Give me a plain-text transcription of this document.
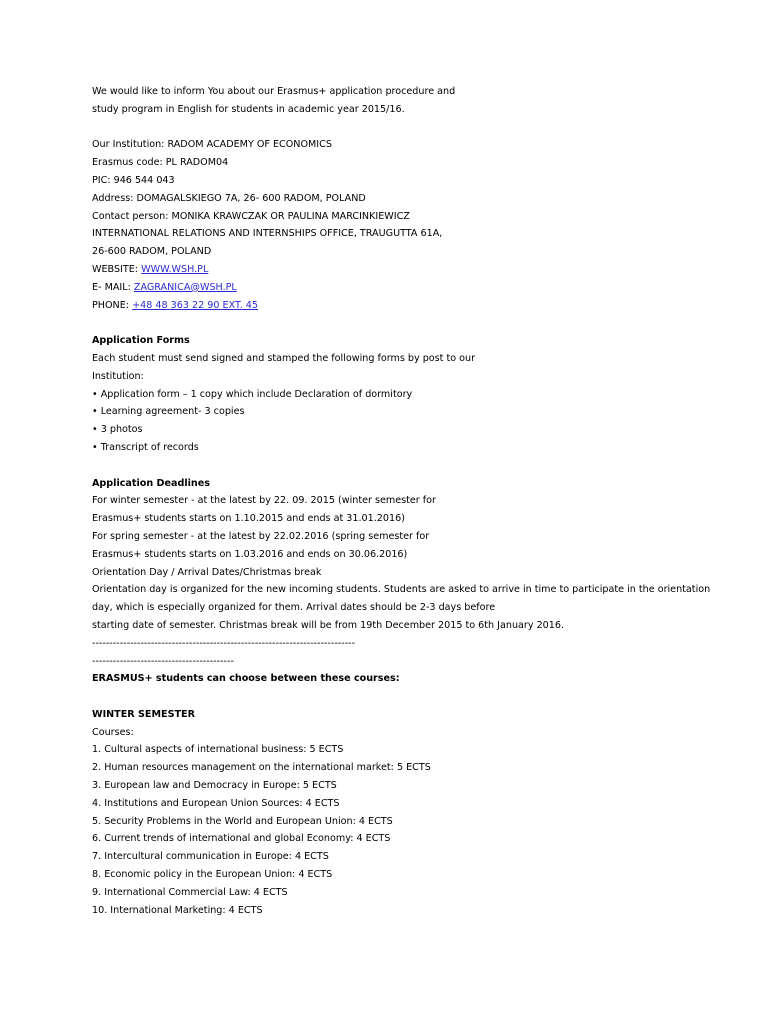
We would like to inform You about our Erasmus+ application procedure and
study program in English for students in academic year 2015/16.
Our Institution: RADOM ACADEMY OF ECONOMICS
Erasmus code: PL RADOM04
PIC: 946 544 043
Address: DOMAGALSKIEGO 7A, 26- 600 RADOM, POLAND
Contact person: MONIKA KRAWCZAK OR PAULINA MARCINKIEWICZ
INTERNATIONAL RELATIONS AND INTERNSHIPS OFFICE, TRAUGUTTA 61A,
26-600 RADOM, POLAND
WEBSITE: WWW.WSH.PL
E- MAIL: ZAGRANICA@WSH.PL
PHONE: +48 48 363 22 90 EXT. 45
Application Forms
Each student must send signed and stamped the following forms by post to our
Institution:
• Application form – 1 copy which include Declaration of dormitory
• Learning agreement- 3 copies
• 3 photos
• Transcript of records
Application Deadlines
For winter semester - at the latest by 22. 09. 2015 (winter semester for
Erasmus+ students starts on 1.10.2015 and ends at 31.01.2016)
For spring semester - at the latest by 22.02.2016 (spring semester for
Erasmus+ students starts on 1.03.2016 and ends on 30.06.2016)
Orientation Day / Arrival Dates/Christmas break
Orientation day is organized for the new incoming students. Students are asked to arrive in time to participate in the orientation
day, which is especially organized for them. Arrival dates should be 2-3 days before
starting date of semester. Christmas break will be from 19th December 2015 to 6th January 2016.
----------------------------------------------------------------------------
-----------------------------------------
ERASMUS+ students can choose between these courses:
WINTER SEMESTER
Courses:
1. Cultural aspects of international business: 5 ECTS
2. Human resources management on the international market: 5 ECTS
3. European law and Democracy in Europe: 5 ECTS
4. Institutions and European Union Sources: 4 ECTS
5. Security Problems in the World and European Union: 4 ECTS
6. Current trends of international and global Economy: 4 ECTS
7. Intercultural communication in Europe: 4 ECTS
8. Economic policy in the European Union: 4 ECTS
9. International Commercial Law: 4 ECTS
10. International Marketing: 4 ECTS
